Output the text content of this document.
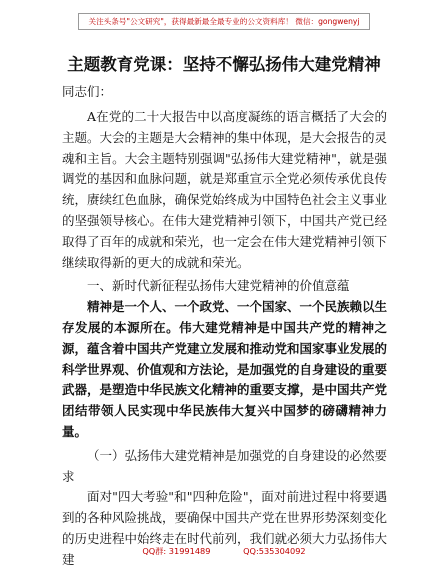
关注头条号"公文研究"，获得最新最全最专业的公文资料库！ 微信：gongwenyj
主题教育党课：坚持不懈弘扬伟大建党精神
同志们：

A在党的二十大报告中以高度凝练的语言概括了大会的主题。大会的主题是大会精神的集中体现，是大会报告的灵魂和主旨。大会主题特别强调"弘扬伟大建党精神"，就是强调党的基因和血脉问题，就是郑重宣示全党必须传承优良传统，赓续红色血脉，确保党始终成为中国特色社会主义事业的坚强领导核心。在伟大建党精神引领下，中国共产党已经取得了百年的成就和荣光，也一定会在伟大建党精神引领下继续取得新的更大的成就和荣光。

一、新时代新征程弘扬伟大建党精神的价值意蕴

精神是一个人、一个政党、一个国家、一个民族赖以生存发展的本源所在。伟大建党精神是中国共产党的精神之源，蕴含着中国共产党建立发展和推动党和国家事业发展的科学世界观、价值观和方法论，是加强党的自身建设的重要武器，是塑造中华民族文化精神的重要支撑，是中国共产党团结带领人民实现中华民族伟大复兴中国梦的磅礴精神力量。

（一）弘扬伟大建党精神是加强党的自身建设的必然要求

面对"四大考验"和"四种危险"，面对前进过程中将要遇到的各种风险挑战，要确保中国共产党在世界形势深刻变化的历史进程中始终走在时代前列，我们就必须大力弘扬伟大建

QQ群: 31991489	QQ:535304092
